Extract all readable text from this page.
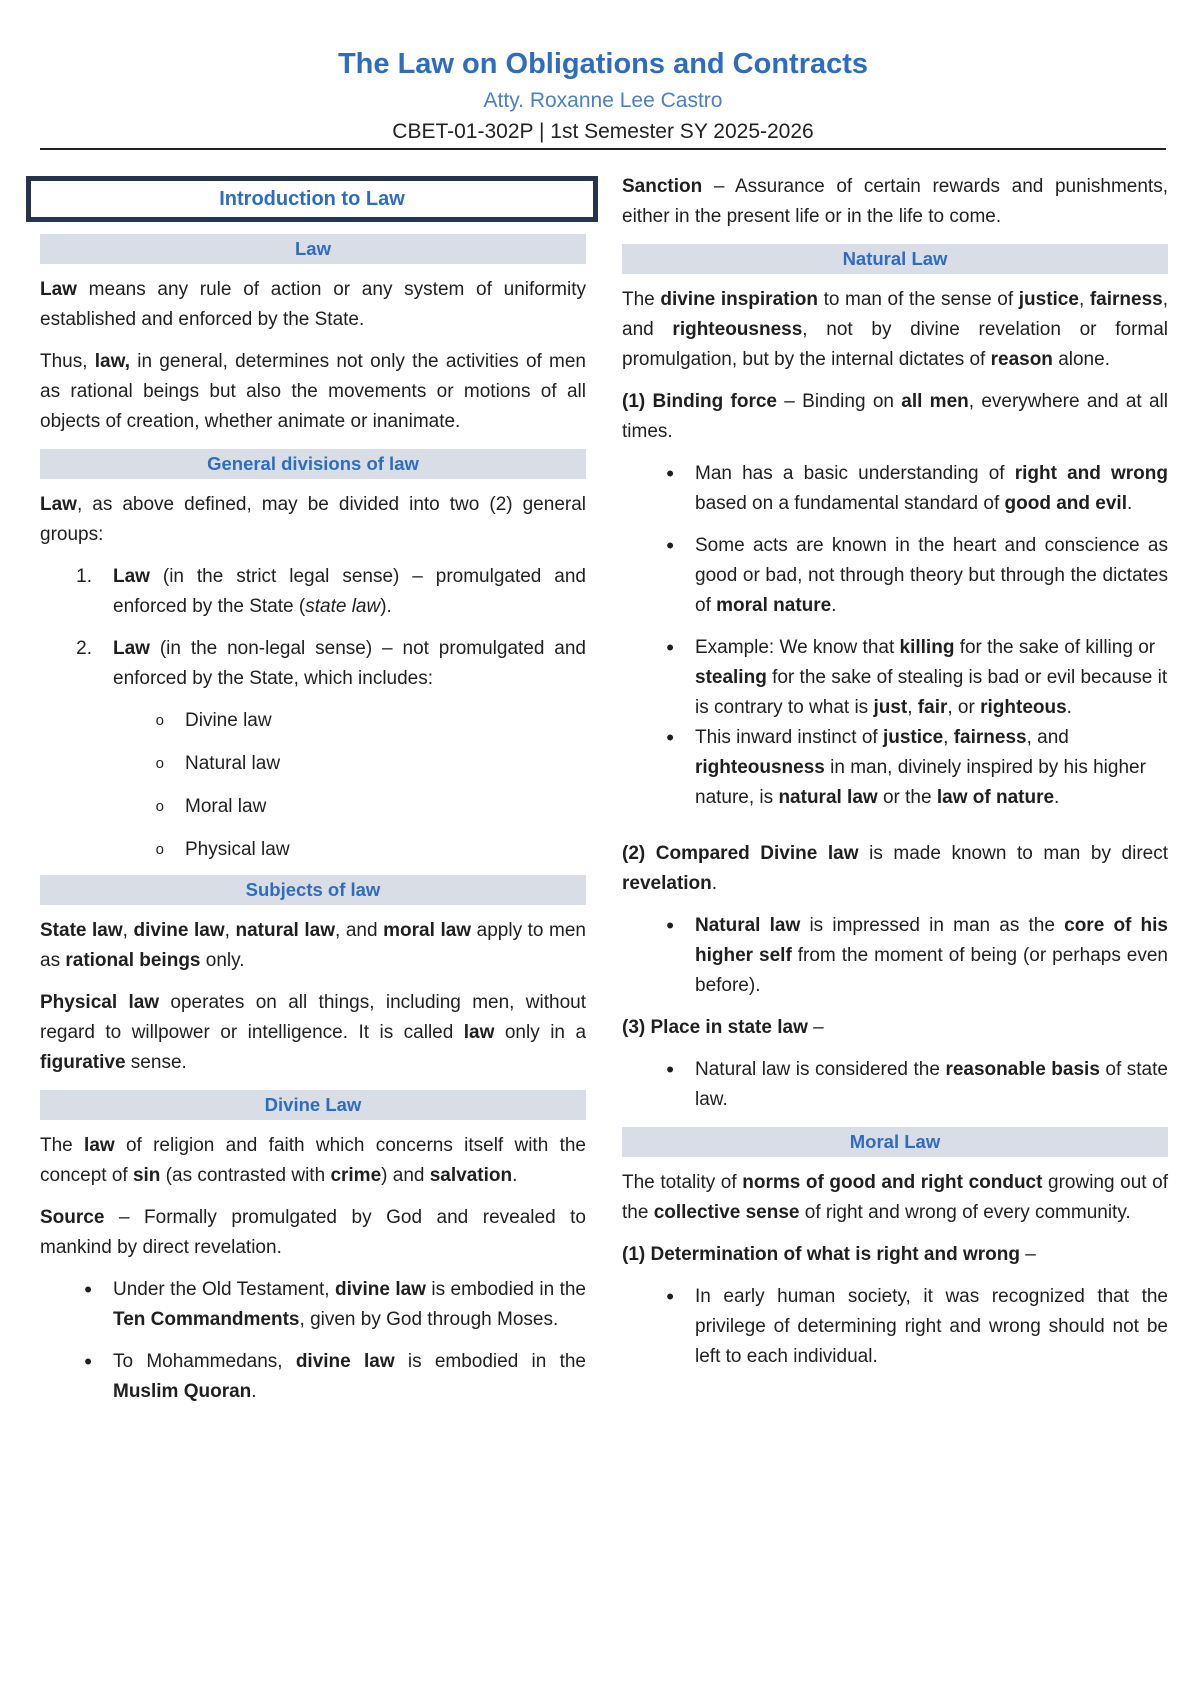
The Law on Obligations and Contracts
Atty. Roxanne Lee Castro
CBET-01-302P | 1st Semester SY 2025-2026
Introduction to Law
Law

Law means any rule of action or any system of uniformity established and enforced by the State.

Thus, law, in general, determines not only the activities of men as rational beings but also the movements or motions of all objects of creation, whether animate or inanimate.

General divisions of law

Law, as above defined, may be divided into two (2) general groups:

1. Law (in the strict legal sense) – promulgated and enforced by the State (state law).
2. Law (in the non-legal sense) – not promulgated and enforced by the State, which includes:
o Divine law
o Natural law
o Moral law
o Physical law
Subjects of law

State law, divine law, natural law, and moral law apply to men as rational beings only.

Physical law operates on all things, including men, without regard to willpower or intelligence. It is called law only in a figurative sense.

Divine Law

The law of religion and faith which concerns itself with the concept of sin (as contrasted with crime) and salvation.

Source – Formally promulgated by God and revealed to mankind by direct revelation.

• Under the Old Testament, divine law is embodied in the Ten Commandments, given by God through Moses.
• To Mohammedans, divine law is embodied in the Muslim Quoran.

Sanction – Assurance of certain rewards and punishments, either in the present life or in the life to come.

Natural Law

The divine inspiration to man of the sense of justice, fairness, and righteousness, not by divine revelation or formal promulgation, but by the internal dictates of reason alone.

(1) Binding force – Binding on all men, everywhere and at all times.

• Man has a basic understanding of right and wrong based on a fundamental standard of good and evil.
• Some acts are known in the heart and conscience as good or bad, not through theory but through the dictates of moral nature.
• Example: We know that killing for the sake of killing or stealing for the sake of stealing is bad or evil because it is contrary to what is just, fair, or righteous.
• This inward instinct of justice, fairness, and righteousness in man, divinely inspired by his higher nature, is natural law or the law of nature.

(2) Compared Divine law is made known to man by direct revelation.

• Natural law is impressed in man as the core of his higher self from the moment of being (or perhaps even before).

(3) Place in state law –

• Natural law is considered the reasonable basis of state law.
Moral Law

The totality of norms of good and right conduct growing out of the collective sense of right and wrong of every community.

(1) Determination of what is right and wrong –

• In early human society, it was recognized that the privilege of determining right and wrong should not be left to each individual.
